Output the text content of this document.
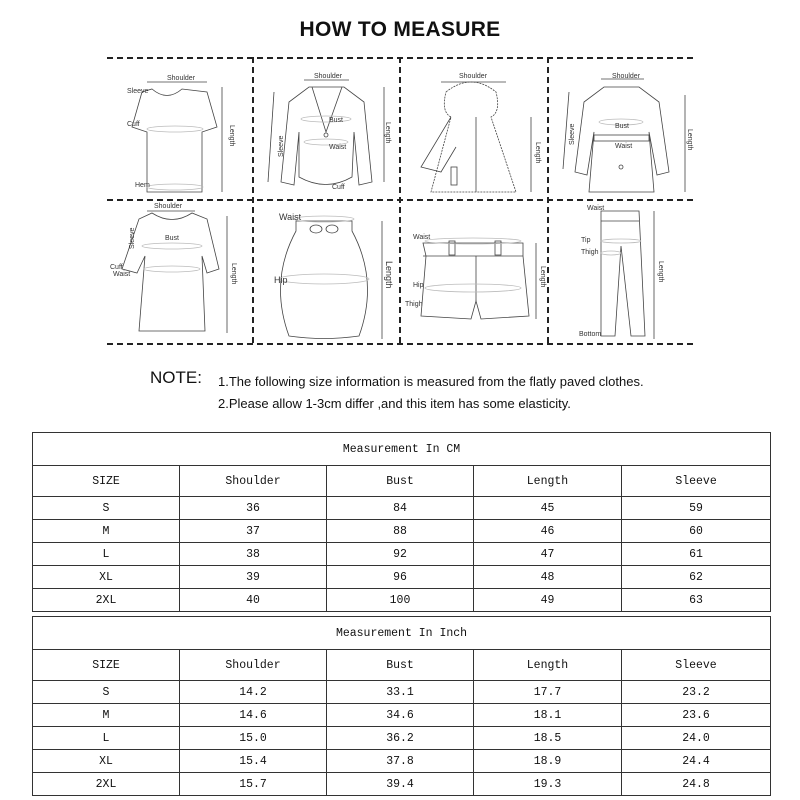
HOW TO MEASURE
Shoulder
Sleeve
Cuff
Hem
Length
Shoulder
Sleeve
Bust
Waist
Cuff
Length
Shoulder
Length
Shoulder
Sleeve	Bust
Waist	Length
Shoulder
Sleeve	Bust
Cuff
Waist	Length
Waist
Hip	Length
Waist
Hip
Thigh
Length
Waist
Tip
Thigh
Bottom
Length
NOTE: 1.The following size information is measured from the flatly paved clothes.
2.Please allow 1-3cm differ ,and this item has some elasticity.
Measurement In CM				
SIZE	Shoulder	Bust	Length	Sleeve
S	36	84	45	59
M	37	88	46	60
L	38	92	47	61
XL	39	96	48	62
2XL	40	100	49	63
Measurement In Inch				
SIZE	Shoulder	Bust	Length	Sleeve
S	14.2	33.1	17.7	23.2
M	14.6	34.6	18.1	23.6
L	15.0	36.2	18.5	24.0
XL	15.4	37.8	18.9	24.4
2XL	15.7	39.4	19.3	24.8
